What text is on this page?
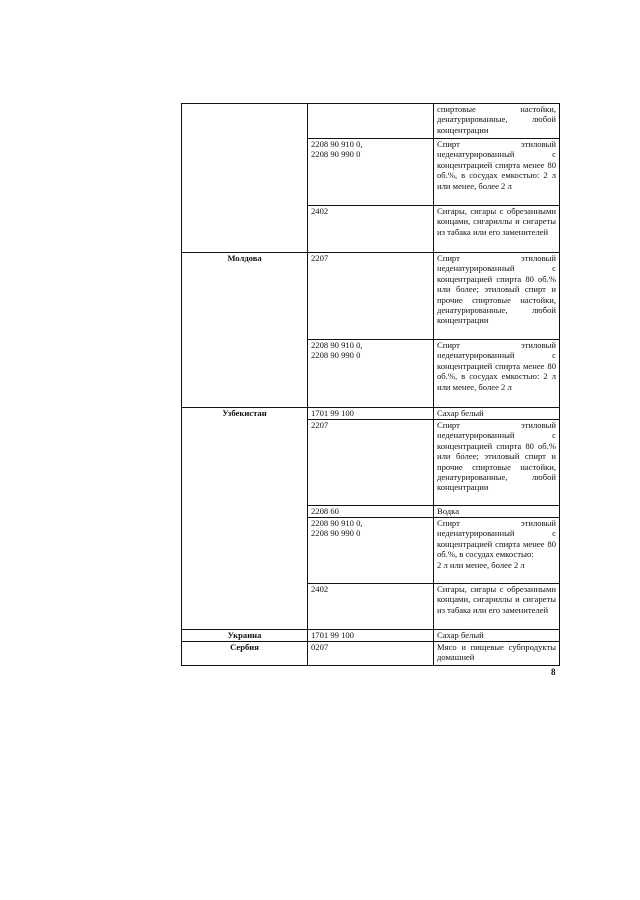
		спиртовые настойки, денатурированные, любой концентрации
	2208 90 910 0,
2208 90 990 0	Спирт этиловый неденатурированный с концентрацией спирта менее 80 об.%, в сосудах емкостью: 2 л или менее, более 2 л
	2402	Сигары, сигары с обрезанными концами, сигариллы и сигареты из табака или его заменителей
Молдова	2207	Спирт этиловый неденатурированный с концентрацией спирта 80 об.% или более; этиловый спирт и прочие спиртовые настойки, денатурированные, любой концентрации
	2208 90 910 0,
2208 90 990 0	Спирт этиловый неденатурированный с концентрацией спирта менее 80 об.%, в сосудах емкостью: 2 л или менее, более 2 л
Узбекистан	1701 99 100	Сахар белый
	2207	Спирт этиловый неденатурированный с концентрацией спирта 80 об.% или более; этиловый спирт и прочие спиртовые настойки, денатурированные, любой концентрации
	2208 60	Водка
	2208 90 910 0,
2208 90 990 0	Спирт этиловый неденатурированный с концентрацией спирта менее 80 об.%, в сосудах емкостью:
2 л или менее, более 2 л
	2402	Сигары, сигары с обрезанными концами, сигариллы и сигареты из табака или его заменителей
Украина	1701 99 100	Сахар белый
Сербия	0207	Мясо и пищевые субпродукты домашней
8
